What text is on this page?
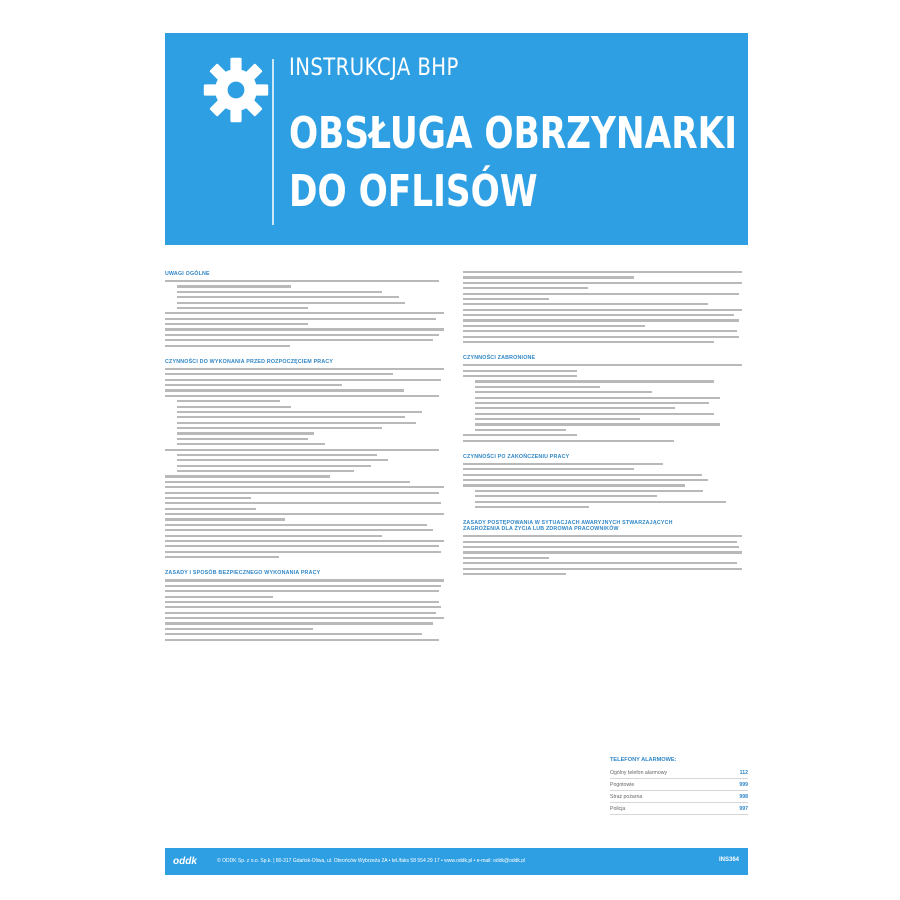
INSTRUKCJA BHP
OBSŁUGA OBRZYNARKI
DO OFLISÓW
UWAGI OGÓLNE
CZYNNOŚCI DO WYKONANIA PRZED ROZPOCZĘCIEM PRACY
ZASADY I SPOSÓB BEZPIECZNEGO WYKONANIA PRACY
CZYNNOŚCI ZABRONIONE
CZYNNOŚCI PO ZAKOŃCZENIU PRACY
ZASADY POSTĘPOWANIA W SYTUACJACH AWARYJNYCH STWARZAJĄCYCH
ZAGROŻENIA DLA ŻYCIA LUB ZDROWIA PRACOWNIKÓW
TELEFONY ALARMOWE:
Ogólny telefon alarmowy	112
Pogotowie	999
Straż pożarna	998
Policja	997
oddk	© ODDK Sp. z o.o. Sp.k. | 80-317 Gdańsk-Oliwa, ul. Obrońców Wybrzeża 2A • tel./faks 58 554 29 17 • www.oddk.pl • e-mail: oddk@oddk.pl	INS364
